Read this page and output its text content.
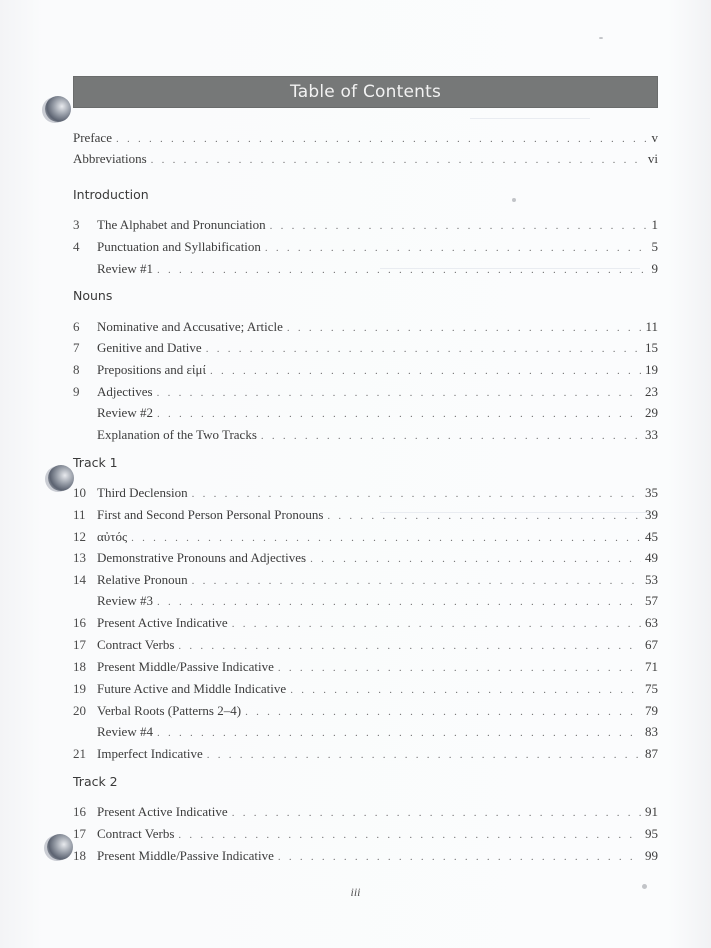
Table of Contents
Preface . . .	v
Abbreviations . . .	vi
Introduction
3	The Alphabet and Pronunciation . . .	1
4	Punctuation and Syllabification . . .	5
Review #1 . . .	9
Nouns
6	Nominative and Accusative; Article . . .	11
7	Genitive and Dative . . .	15
8	Prepositions and εἰμί . . .	19
9	Adjectives . . .	23
Review #2 . . .	29
Explanation of the Two Tracks . . .	33
Track 1
10 Third Declension . . .	35
11 First and Second Person Personal Pronouns . . .	39
12 αὐτός . . .	45
13 Demonstrative Pronouns and Adjectives . . .	49
14 Relative Pronoun . . .	53
Review #3 . . .	57
16 Present Active Indicative . . .	63
17 Contract Verbs . . .	67
18 Present Middle/Passive Indicative . . .	71
19 Future Active and Middle Indicative . . .	75
20 Verbal Roots (Patterns 2–4) . . .	79
Review #4 . . .	83
21 Imperfect Indicative . . .	87
Track 2
16 Present Active Indicative . . .	91
17 Contract Verbs . . .	95
18 Present Middle/Passive Indicative . . .	99
iii
